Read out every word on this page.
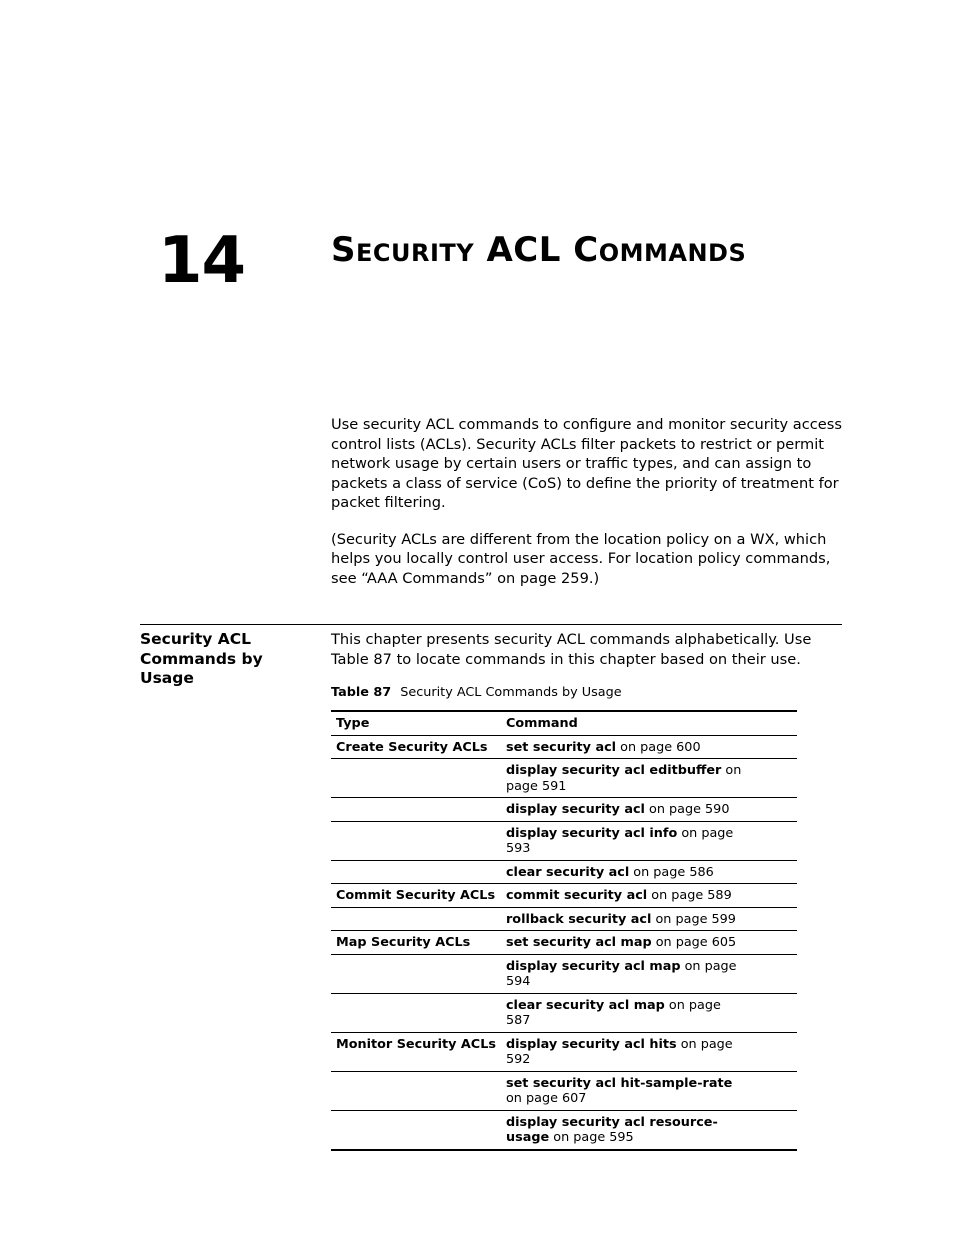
14	Security ACL Commands

Use security ACL commands to configure and monitor security access control lists (ACLs). Security ACLs filter packets to restrict or permit network usage by certain users or traffic types, and can assign to packets a class of service (CoS) to define the priority of treatment for packet filtering.

(Security ACLs are different from the location policy on a WX, which helps you locally control user access. For location policy commands, see “AAA Commands” on page 259.)

Security ACL Commands by Usage

This chapter presents security ACL commands alphabetically. Use Table 87 to locate commands in this chapter based on their use.

Table 87 Security ACL Commands by Usage
Type	Command
Create Security ACLs	set security acl on page 600
	display security acl editbuffer on page 591
	display security acl on page 590
	display security acl info on page 593
	clear security acl on page 586
Commit Security ACLs	commit security acl on page 589
	rollback security acl on page 599
Map Security ACLs	set security acl map on page 605
	display security acl map on page 594
	clear security acl map on page 587
Monitor Security ACLs	display security acl hits on page 592
	set security acl hit-sample-rate on page 607
	display security acl resource-usage on page 595
